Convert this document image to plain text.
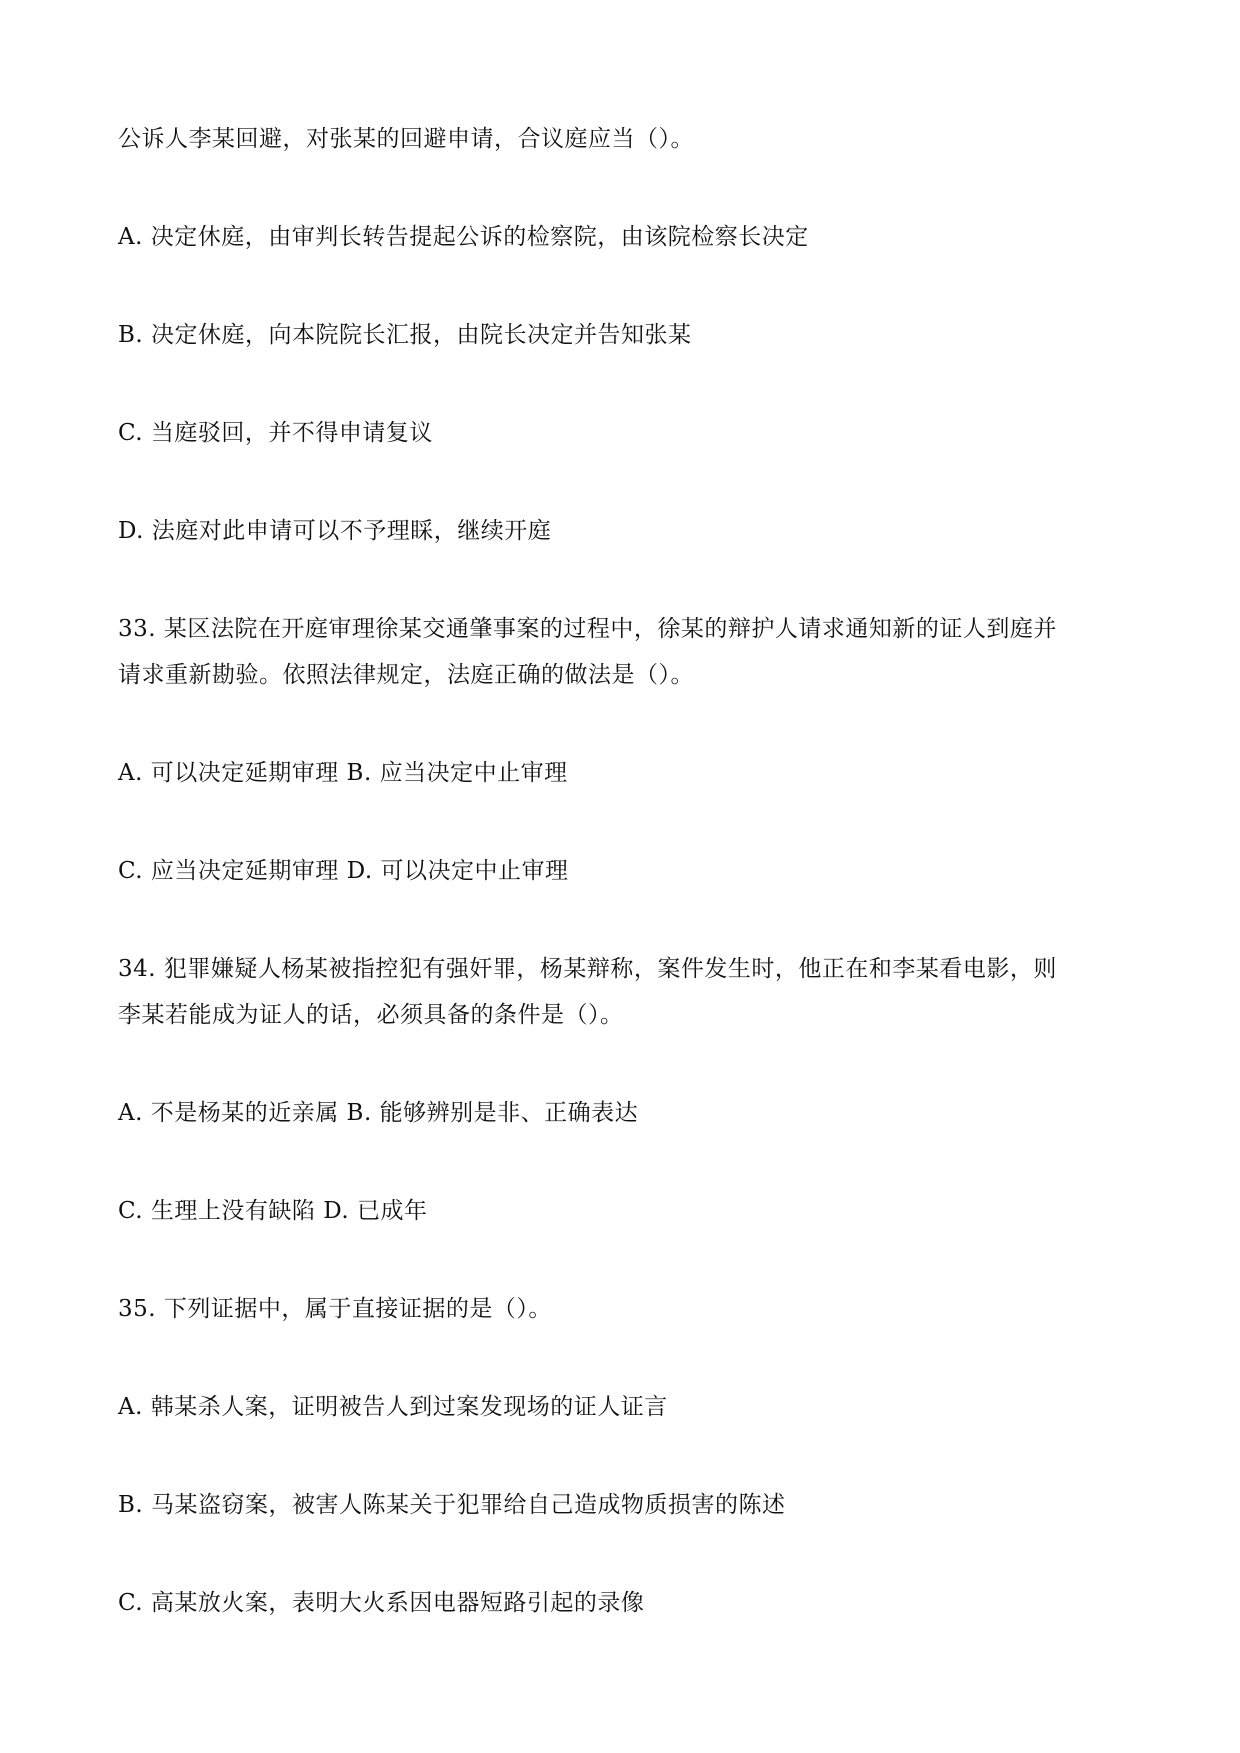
公诉人李某回避，对张某的回避申请，合议庭应当（）。
A. 决定休庭，由审判长转告提起公诉的检察院，由该院检察长决定
B. 决定休庭，向本院院长汇报，由院长决定并告知张某
C. 当庭驳回，并不得申请复议
D. 法庭对此申请可以不予理睬，继续开庭
33. 某区法院在开庭审理徐某交通肇事案的过程中，徐某的辩护人请求通知新的证人到庭并
请求重新勘验。依照法律规定，法庭正确的做法是（）。
A. 可以决定延期审理 B. 应当决定中止审理
C. 应当决定延期审理 D. 可以决定中止审理
34. 犯罪嫌疑人杨某被指控犯有强奸罪，杨某辩称，案件发生时，他正在和李某看电影，则
李某若能成为证人的话，必须具备的条件是（）。
A. 不是杨某的近亲属 B. 能够辨别是非、正确表达
C. 生理上没有缺陷 D. 已成年
35. 下列证据中，属于直接证据的是（）。
A. 韩某杀人案，证明被告人到过案发现场的证人证言
B. 马某盗窃案，被害人陈某关于犯罪给自己造成物质损害的陈述
C. 高某放火案，表明大火系因电器短路引起的录像
